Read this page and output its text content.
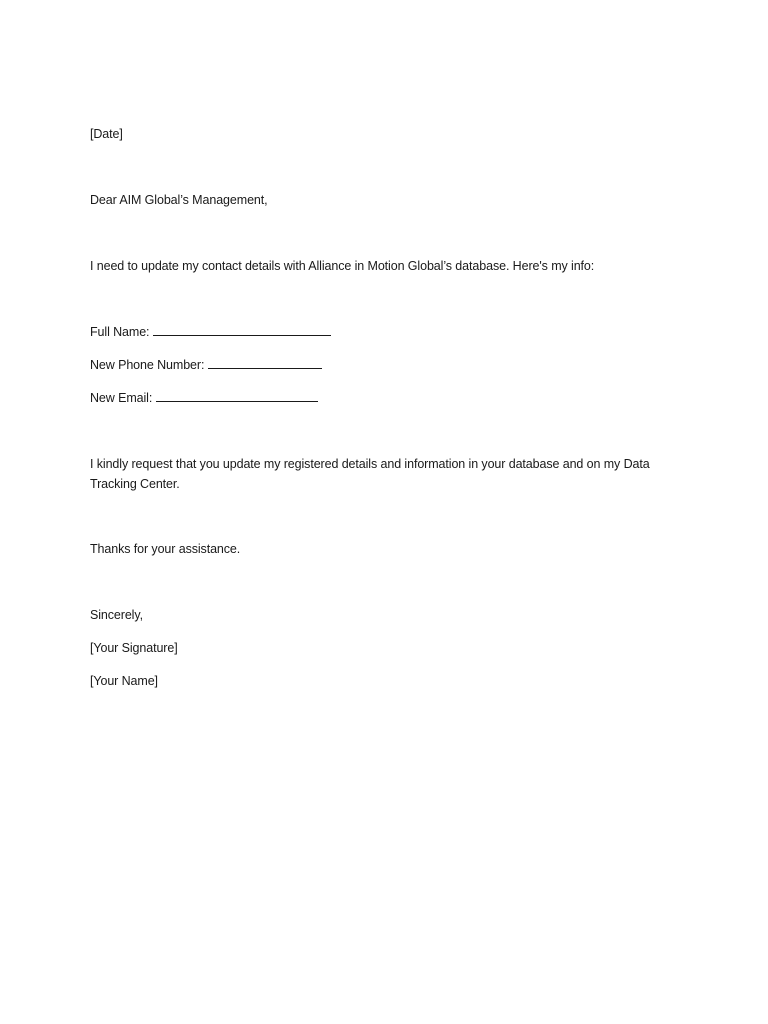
[Date]
Dear AIM Global’s Management,
I need to update my contact details with Alliance in Motion Global’s database. Here's my info:
Full Name:
New Phone Number:
New Email:
I kindly request that you update my registered details and information in your database and on my Data
Tracking Center.
Thanks for your assistance.
Sincerely,
[Your Signature]
[Your Name]
